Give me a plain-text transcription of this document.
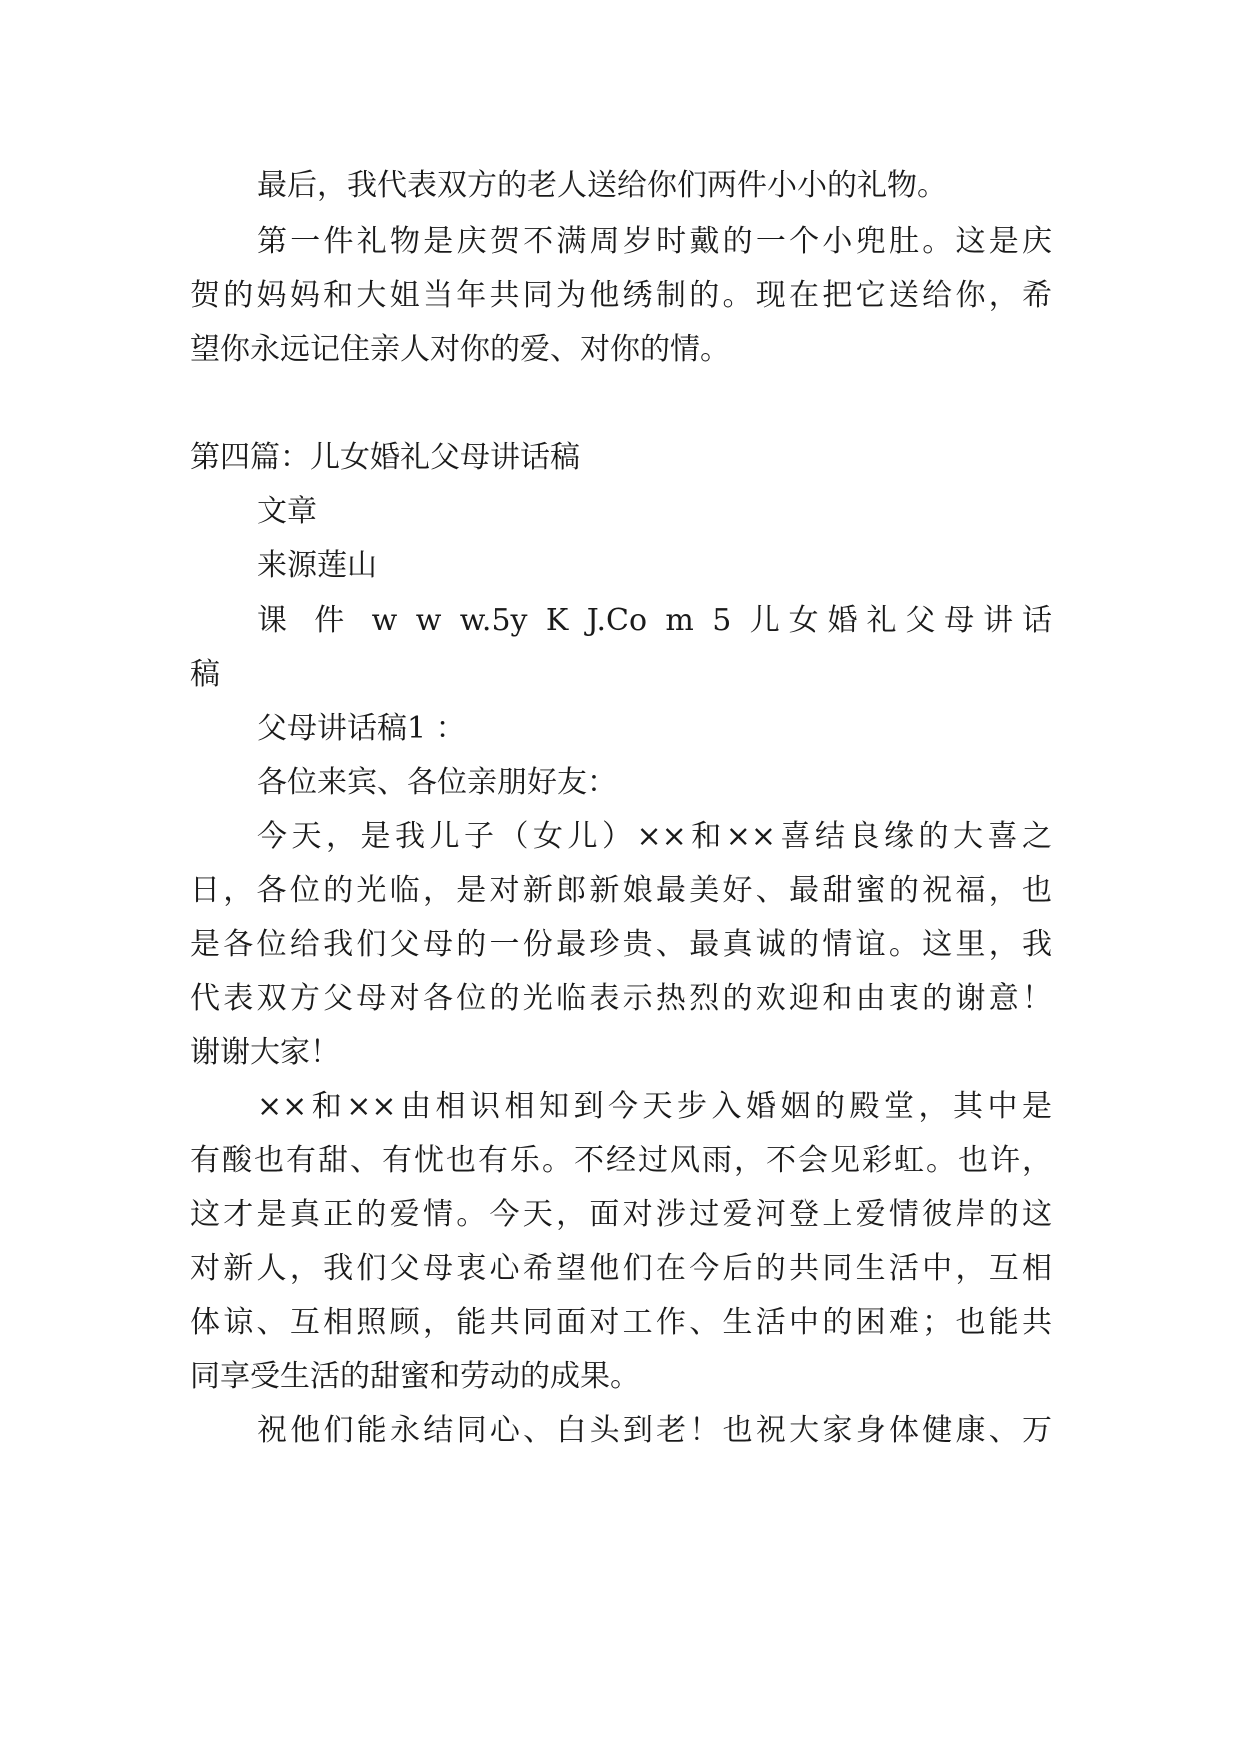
最后，我代表双方的老人送给你们两件小小的礼物。
第一件礼物是庆贺不满周岁时戴的一个小兜肚。这是庆
贺的妈妈和大姐当年共同为他绣制的。现在把它送给你，希
望你永远记住亲人对你的爱、对你的情。
第四篇：儿女婚礼父母讲话稿
文章
来源莲山
课 件 w w w.5y K J.Co m 5 儿女婚礼父母讲话
稿
父母讲话稿1 ：
各位来宾、各位亲朋好友：
今天，是我儿子（女儿）××和××喜结良缘的大喜之
日，各位的光临，是对新郎新娘最美好、最甜蜜的祝福，也
是各位给我们父母的一份最珍贵、最真诚的情谊。这里，我
代表双方父母对各位的光临表示热烈的欢迎和由衷的谢意！
谢谢大家！
××和××由相识相知到今天步入婚姻的殿堂，其中是
有酸也有甜、有忧也有乐。不经过风雨，不会见彩虹。也许，
这才是真正的爱情。今天，面对涉过爱河登上爱情彼岸的这
对新人，我们父母衷心希望他们在今后的共同生活中，互相
体谅、互相照顾，能共同面对工作、生活中的困难；也能共
同享受生活的甜蜜和劳动的成果。
祝他们能永结同心、白头到老！也祝大家身体健康、万
